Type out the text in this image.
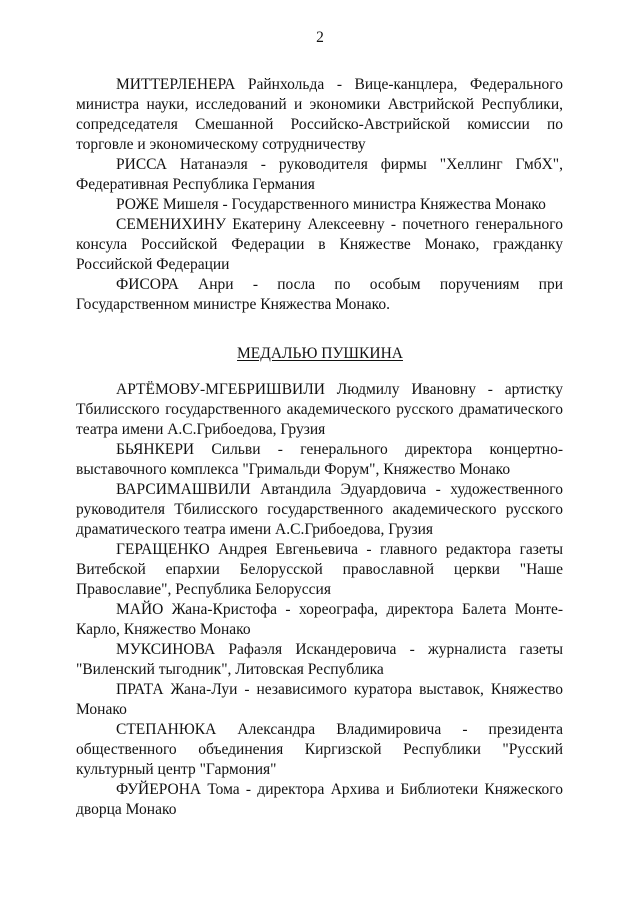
2

МИТТЕРЛЕНЕРА Райнхольда - Вице-канцлера, Федерального министра науки, исследований и экономики Австрийской Республики, сопредседателя Смешанной Российско-Австрийской комиссии по торговле и экономическому сотрудничеству

РИССА Натанаэля - руководителя фирмы "Хеллинг ГмбХ", Федеративная Республика Германия

РОЖЕ Мишеля - Государственного министра Княжества Монако

СЕМЕНИХИНУ Екатерину Алексеевну - почетного генерального консула Российской Федерации в Княжестве Монако, гражданку Российской Федерации

ФИСОРА Анри - посла по особым поручениям при Государственном министре Княжества Монако.

МЕДАЛЬЮ ПУШКИНА

АРТЁМОВУ-МГЕБРИШВИЛИ Людмилу Ивановну - артистку Тбилисского государственного академического русского драматического театра имени А.С.Грибоедова, Грузия

БЬЯНКЕРИ Сильви - генерального директора концертно-выставочного комплекса "Гримальди Форум", Княжество Монако

ВАРСИМАШВИЛИ Автандила Эдуардовича - художественного руководителя Тбилисского государственного академического русского драматического театра имени А.С.Грибоедова, Грузия

ГЕРАЩЕНКО Андрея Евгеньевича - главного редактора газеты Витебской епархии Белорусской православной церкви "Наше Православие", Республика Белоруссия

МАЙО Жана-Кристофа - хореографа, директора Балета Монте-Карло, Княжество Монако

МУКСИНОВА Рафаэля Искандеровича - журналиста газеты "Виленский тыгодник", Литовская Республика

ПРАТА Жана-Луи - независимого куратора выставок, Княжество Монако

СТЕПАНЮКА Александра Владимировича - президента общественного объединения Киргизской Республики "Русский культурный центр "Гармония"

ФУЙЕРОНА Тома - директора Архива и Библиотеки Княжеского дворца Монако
